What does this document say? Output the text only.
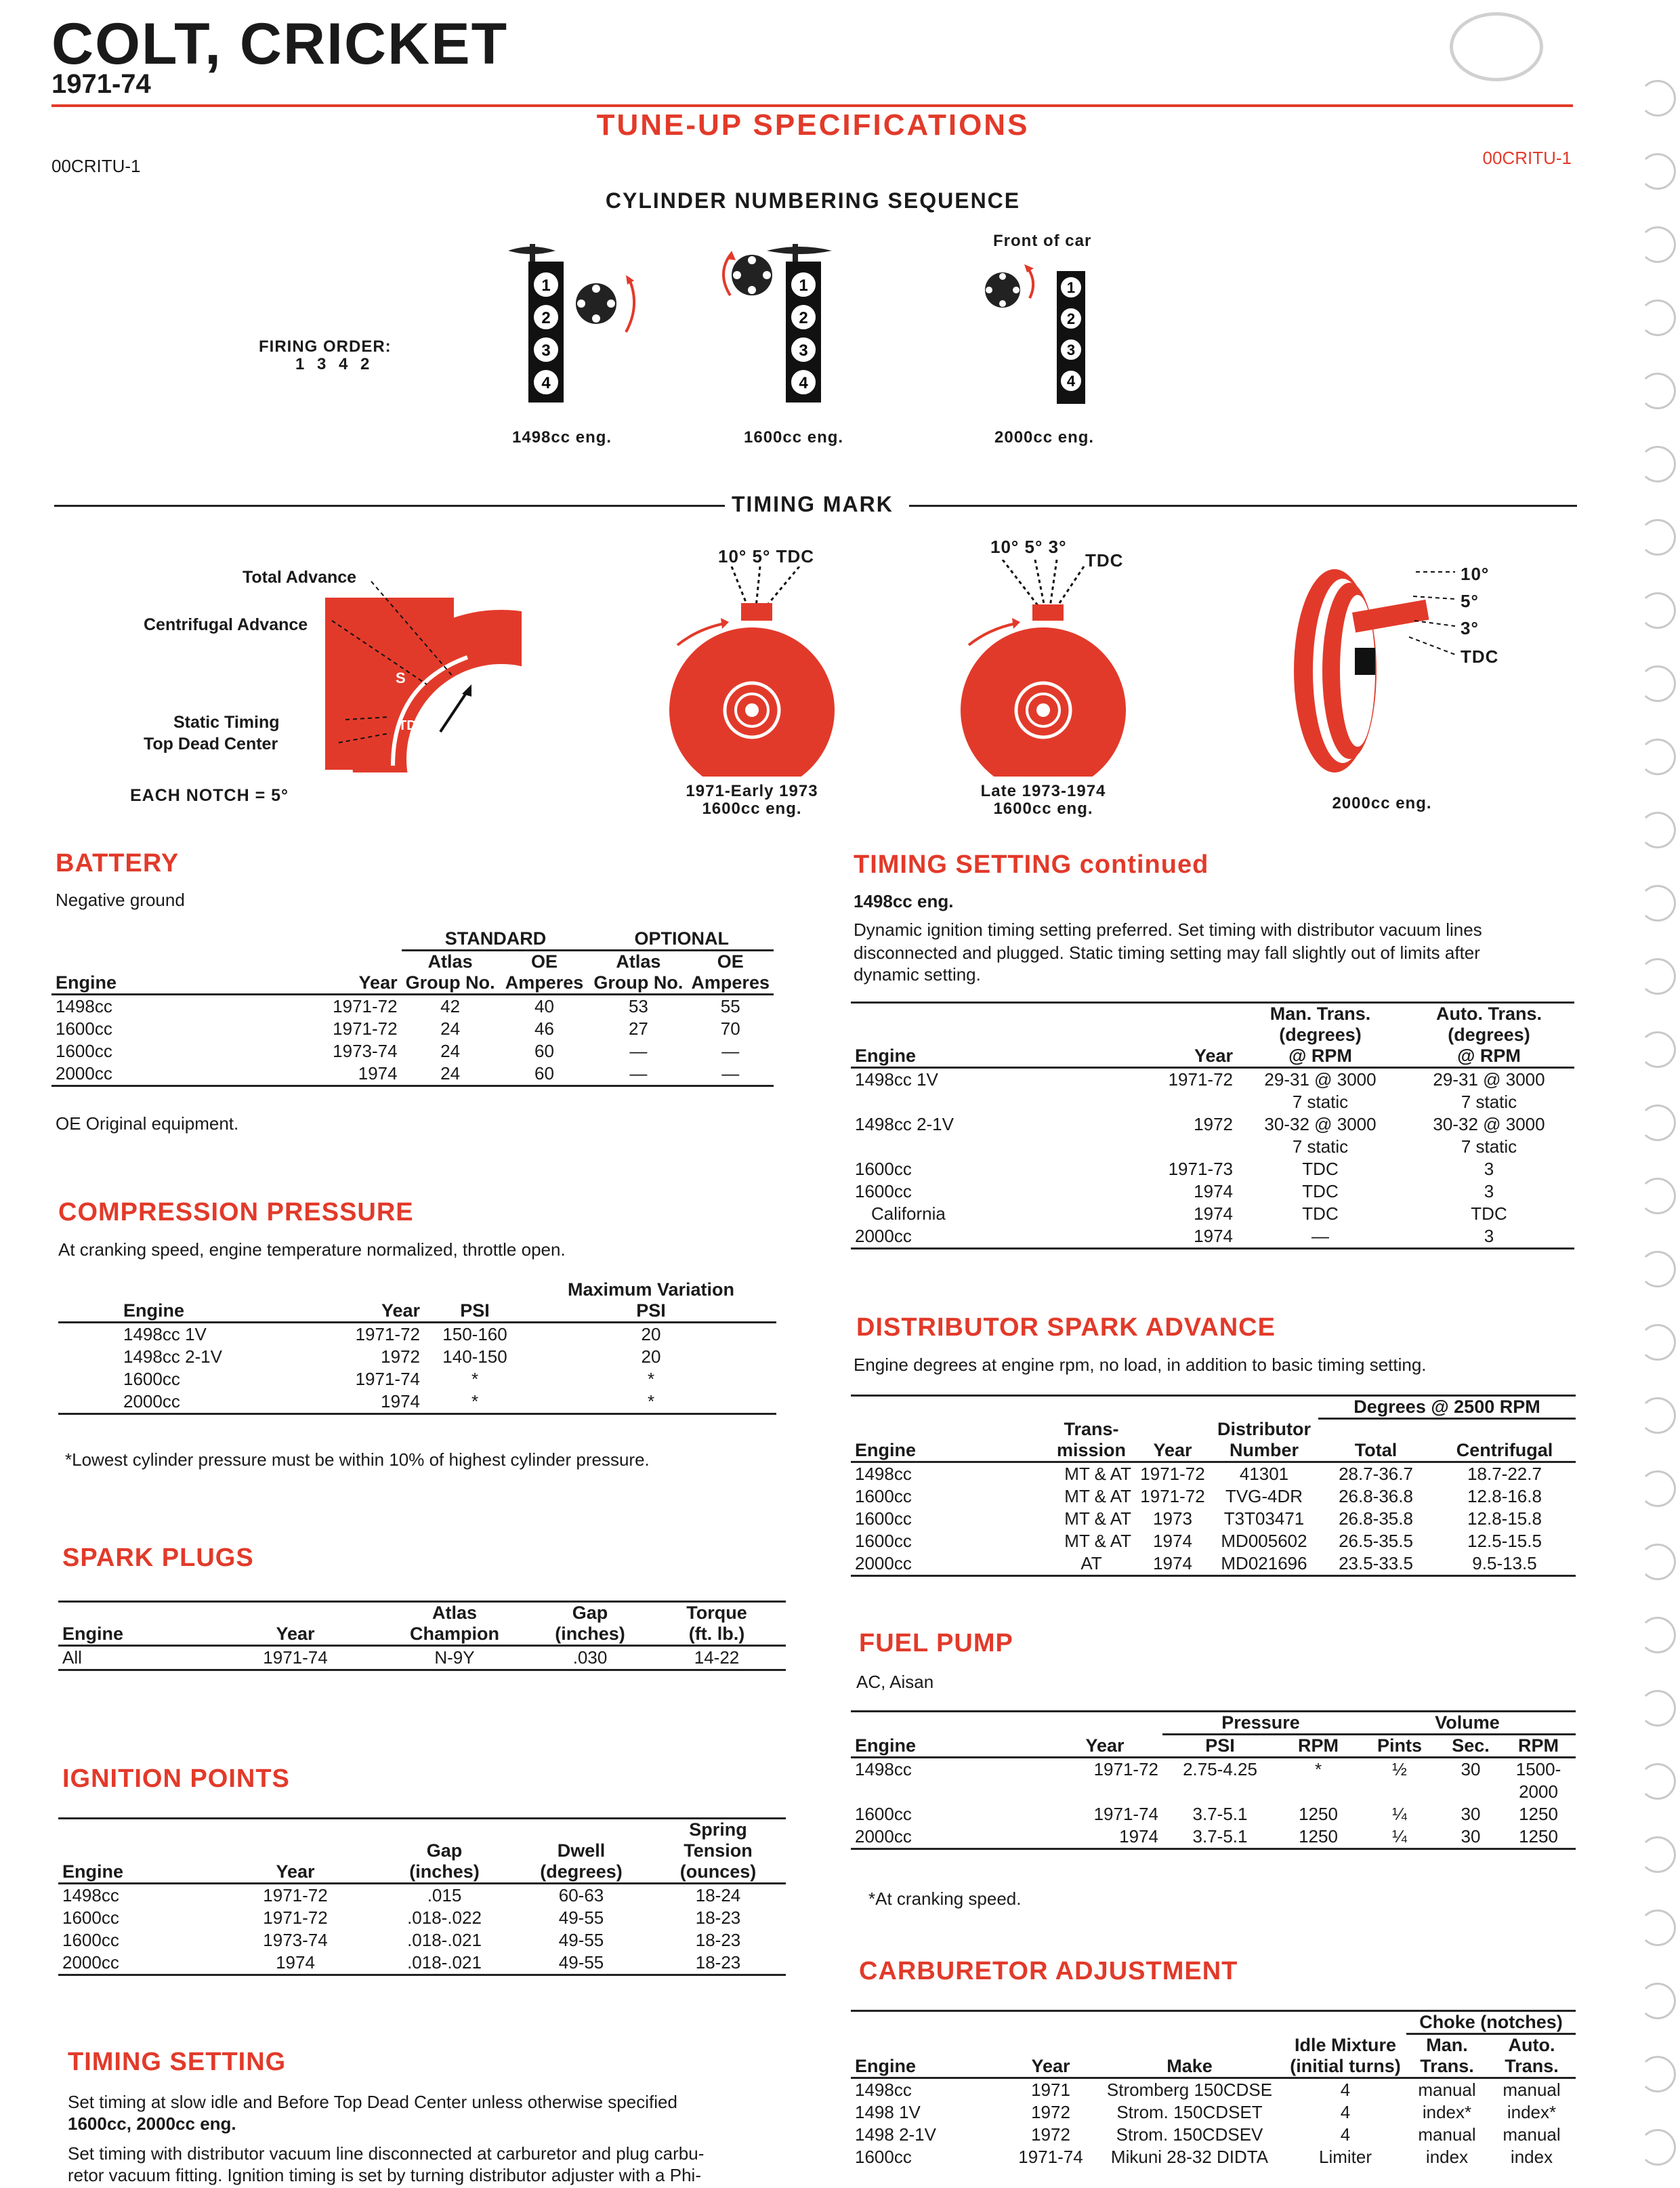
COLT, CRICKET
1971-74
TUNE-UP SPECIFICATIONS
00CRITU-1	00CRITU-1
CYLINDER NUMBERING SEQUENCE
FIRING ORDER:
1 3 4 2
Front of car
1
2
3
4
1
2
3
4
1
2
3
4
1498cc eng.	1600cc eng.	2000cc eng.
TIMING MARK
S
TDC
Total Advance
Centrifugal Advance
Static Timing
Top Dead Center
EACH NOTCH = 5°
10° 5° TDC
1971-Early 1973
1600cc eng.
10° 5° 3°
TDC
Late 1973-1974
1600cc eng.
10°
5°
3°
TDC
2000cc eng.
BATTERY
Negative ground
		STANDARD		OPTIONAL	
		Atlas	OE	Atlas	OE
Engine	Year	Group No.	Amperes	Group No.	Amperes
1498cc	1971-72	42	40	53	55
1600cc	1971-72	24	46	27	70
1600cc	1973-74	24	60	—	—
2000cc	1974	24	60	—	—
OE Original equipment.
COMPRESSION PRESSURE
At cranking speed, engine temperature normalized, throttle open.
			Maximum Variation
Engine	Year	PSI	PSI
1498cc 1V	1971-72	150-160	20
1498cc 2-1V	1972	140-150	20
1600cc	1971-74	*	*
2000cc	1974	*	*
*Lowest cylinder pressure must be within 10% of highest cylinder pressure.
SPARK PLUGS
		Atlas	Gap	Torque
Engine	Year	Champion	(inches)	(ft. lb.)
All	1971-74	N-9Y	.030	14-22
IGNITION POINTS
				Spring
		Gap	Dwell	Tension
Engine	Year	(inches)	(degrees)	(ounces)
1498cc	1971-72	.015	60-63	18-24
1600cc	1971-72	.018-.022	49-55	18-23
1600cc	1973-74	.018-.021	49-55	18-23
2000cc	1974	.018-.021	49-55	18-23
TIMING SETTING
Set timing at slow idle and Before Top Dead Center unless otherwise specified
1600cc, 2000cc eng.
Set timing with distributor vacuum line disconnected at carburetor and plug carbu-
retor vacuum fitting. Ignition timing is set by turning distributor adjuster with a Phi-
TIMING SETTING continued
1498cc eng.
Dynamic ignition timing setting preferred. Set timing with distributor vacuum lines
disconnected and plugged. Static timing setting may fall slightly out of limits after
dynamic setting.
		Man. Trans.	Auto. Trans.
		(degrees)	(degrees)
Engine	Year	@ RPM	@ RPM
1498cc 1V	1971-72	29-31 @ 3000	29-31 @ 3000
		7 static	7 static
1498cc 2-1V	1972	30-32 @ 3000	30-32 @ 3000
		7 static	7 static
1600cc	1971-73	TDC	3
1600cc	1974	TDC	3
California	1974	TDC	TDC
2000cc	1974	—	3
DISTRIBUTOR SPARK ADVANCE
Engine degrees at engine rpm, no load, in addition to basic timing setting.
				Degrees @ 2500 RPM	
	Trans-		Distributor		
Engine	mission	Year	Number	Total	Centrifugal
1498cc	MT & AT	1971-72	41301	28.7-36.7	18.7-22.7
1600cc	MT & AT	1971-72	TVG-4DR	26.8-36.8	12.8-16.8
1600cc	MT & AT	1973	T3T03471	26.8-35.8	12.8-15.8
1600cc	MT & AT	1974	MD005602	26.5-35.5	12.5-15.5
2000cc	AT	1974	MD021696	23.5-33.5	9.5-13.5
FUEL PUMP
AC, Aisan
		Pressure		Volume		
Engine	Year	PSI	RPM	Pints	Sec.	RPM
1498cc	1971-72	2.75-4.25	*	½	30	1500-
						2000
1600cc	1971-74	3.7-5.1	1250	¼	30	1250
2000cc	1974	3.7-5.1	1250	¼	30	1250
*At cranking speed.
CARBURETOR ADJUSTMENT
				Choke (notches)	
			Idle Mixture	Man.	Auto.
Engine	Year	Make	(initial turns)	Trans.	Trans.
1498cc	1971	Stromberg 150CDSE	4	manual	manual
1498 1V	1972	Strom. 150CDSET	4	index*	index*
1498 2-1V	1972	Strom. 150CDSEV	4	manual	manual
1600cc	1971-74	Mikuni 28-32 DIDTA	Limiter	index	index
